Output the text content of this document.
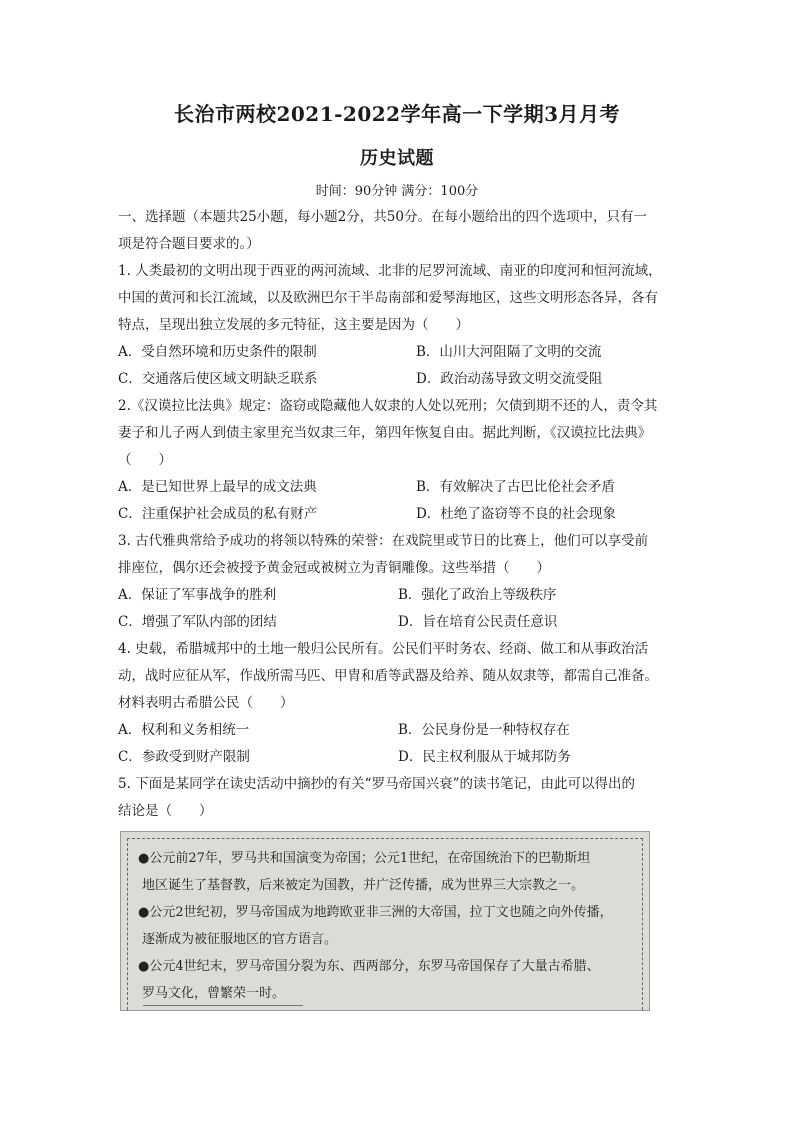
长治市两校2021-2022学年高一下学期3月月考
历史试题
时间：90分钟 满分：100分
一、选择题（本题共25小题，每小题2分，共50分。在每小题给出的四个选项中，只有一
项是符合题目要求的。）
1. 人类最初的文明出现于西亚的两河流域、北非的尼罗河流域、南亚的印度河和恒河流域，
中国的黄河和长江流域，以及欧洲巴尔干半岛南部和爱琴海地区，这些文明形态各异，各有
特点，呈现出独立发展的多元特征，这主要是因为（　　）
A．受自然环境和历史条件的限制	B．山川大河阻隔了文明的交流
C．交通落后使区域文明缺乏联系	D．政治动荡导致文明交流受阻
2.《汉谟拉比法典》规定：盗窃或隐藏他人奴隶的人处以死刑；欠债到期不还的人，责令其
妻子和儿子两人到债主家里充当奴隶三年，第四年恢复自由。据此判断，《汉谟拉比法典》
（　　）
A．是已知世界上最早的成文法典	B．有效解决了古巴比伦社会矛盾
C．注重保护社会成员的私有财产	D．杜绝了盗窃等不良的社会现象
3. 古代雅典常给予成功的将领以特殊的荣誉：在戏院里或节日的比赛上，他们可以享受前
排座位，偶尔还会被授予黄金冠或被树立为青铜雕像。这些举措（　　）
A．保证了军事战争的胜利	B．强化了政治上等级秩序
C．增强了军队内部的团结	D．旨在培育公民责任意识
4. 史载，希腊城邦中的土地一般归公民所有。公民们平时务农、经商、做工和从事政治活
动，战时应征从军，作战所需马匹、甲胄和盾等武器及给养、随从奴隶等，都需自己准备。
材料表明古希腊公民（　　）
A．权利和义务相统一	B．公民身份是一种特权存在
C．参政受到财产限制	D．民主权利服从于城邦防务
5. 下面是某同学在读史活动中摘抄的有关“罗马帝国兴衰”的读书笔记，由此可以得出的
结论是（　　）
●公元前27年，罗马共和国演变为帝国；公元1世纪，在帝国统治下的巴勒斯坦
地区诞生了基督教，后来被定为国教，并广泛传播，成为世界三大宗教之一。
●公元2世纪初，罗马帝国成为地跨欧亚非三洲的大帝国，拉丁文也随之向外传播，
逐渐成为被征服地区的官方语言。
●公元4世纪末，罗马帝国分裂为东、西两部分，东罗马帝国保存了大量古希腊、
罗马文化，曾繁荣一时。
